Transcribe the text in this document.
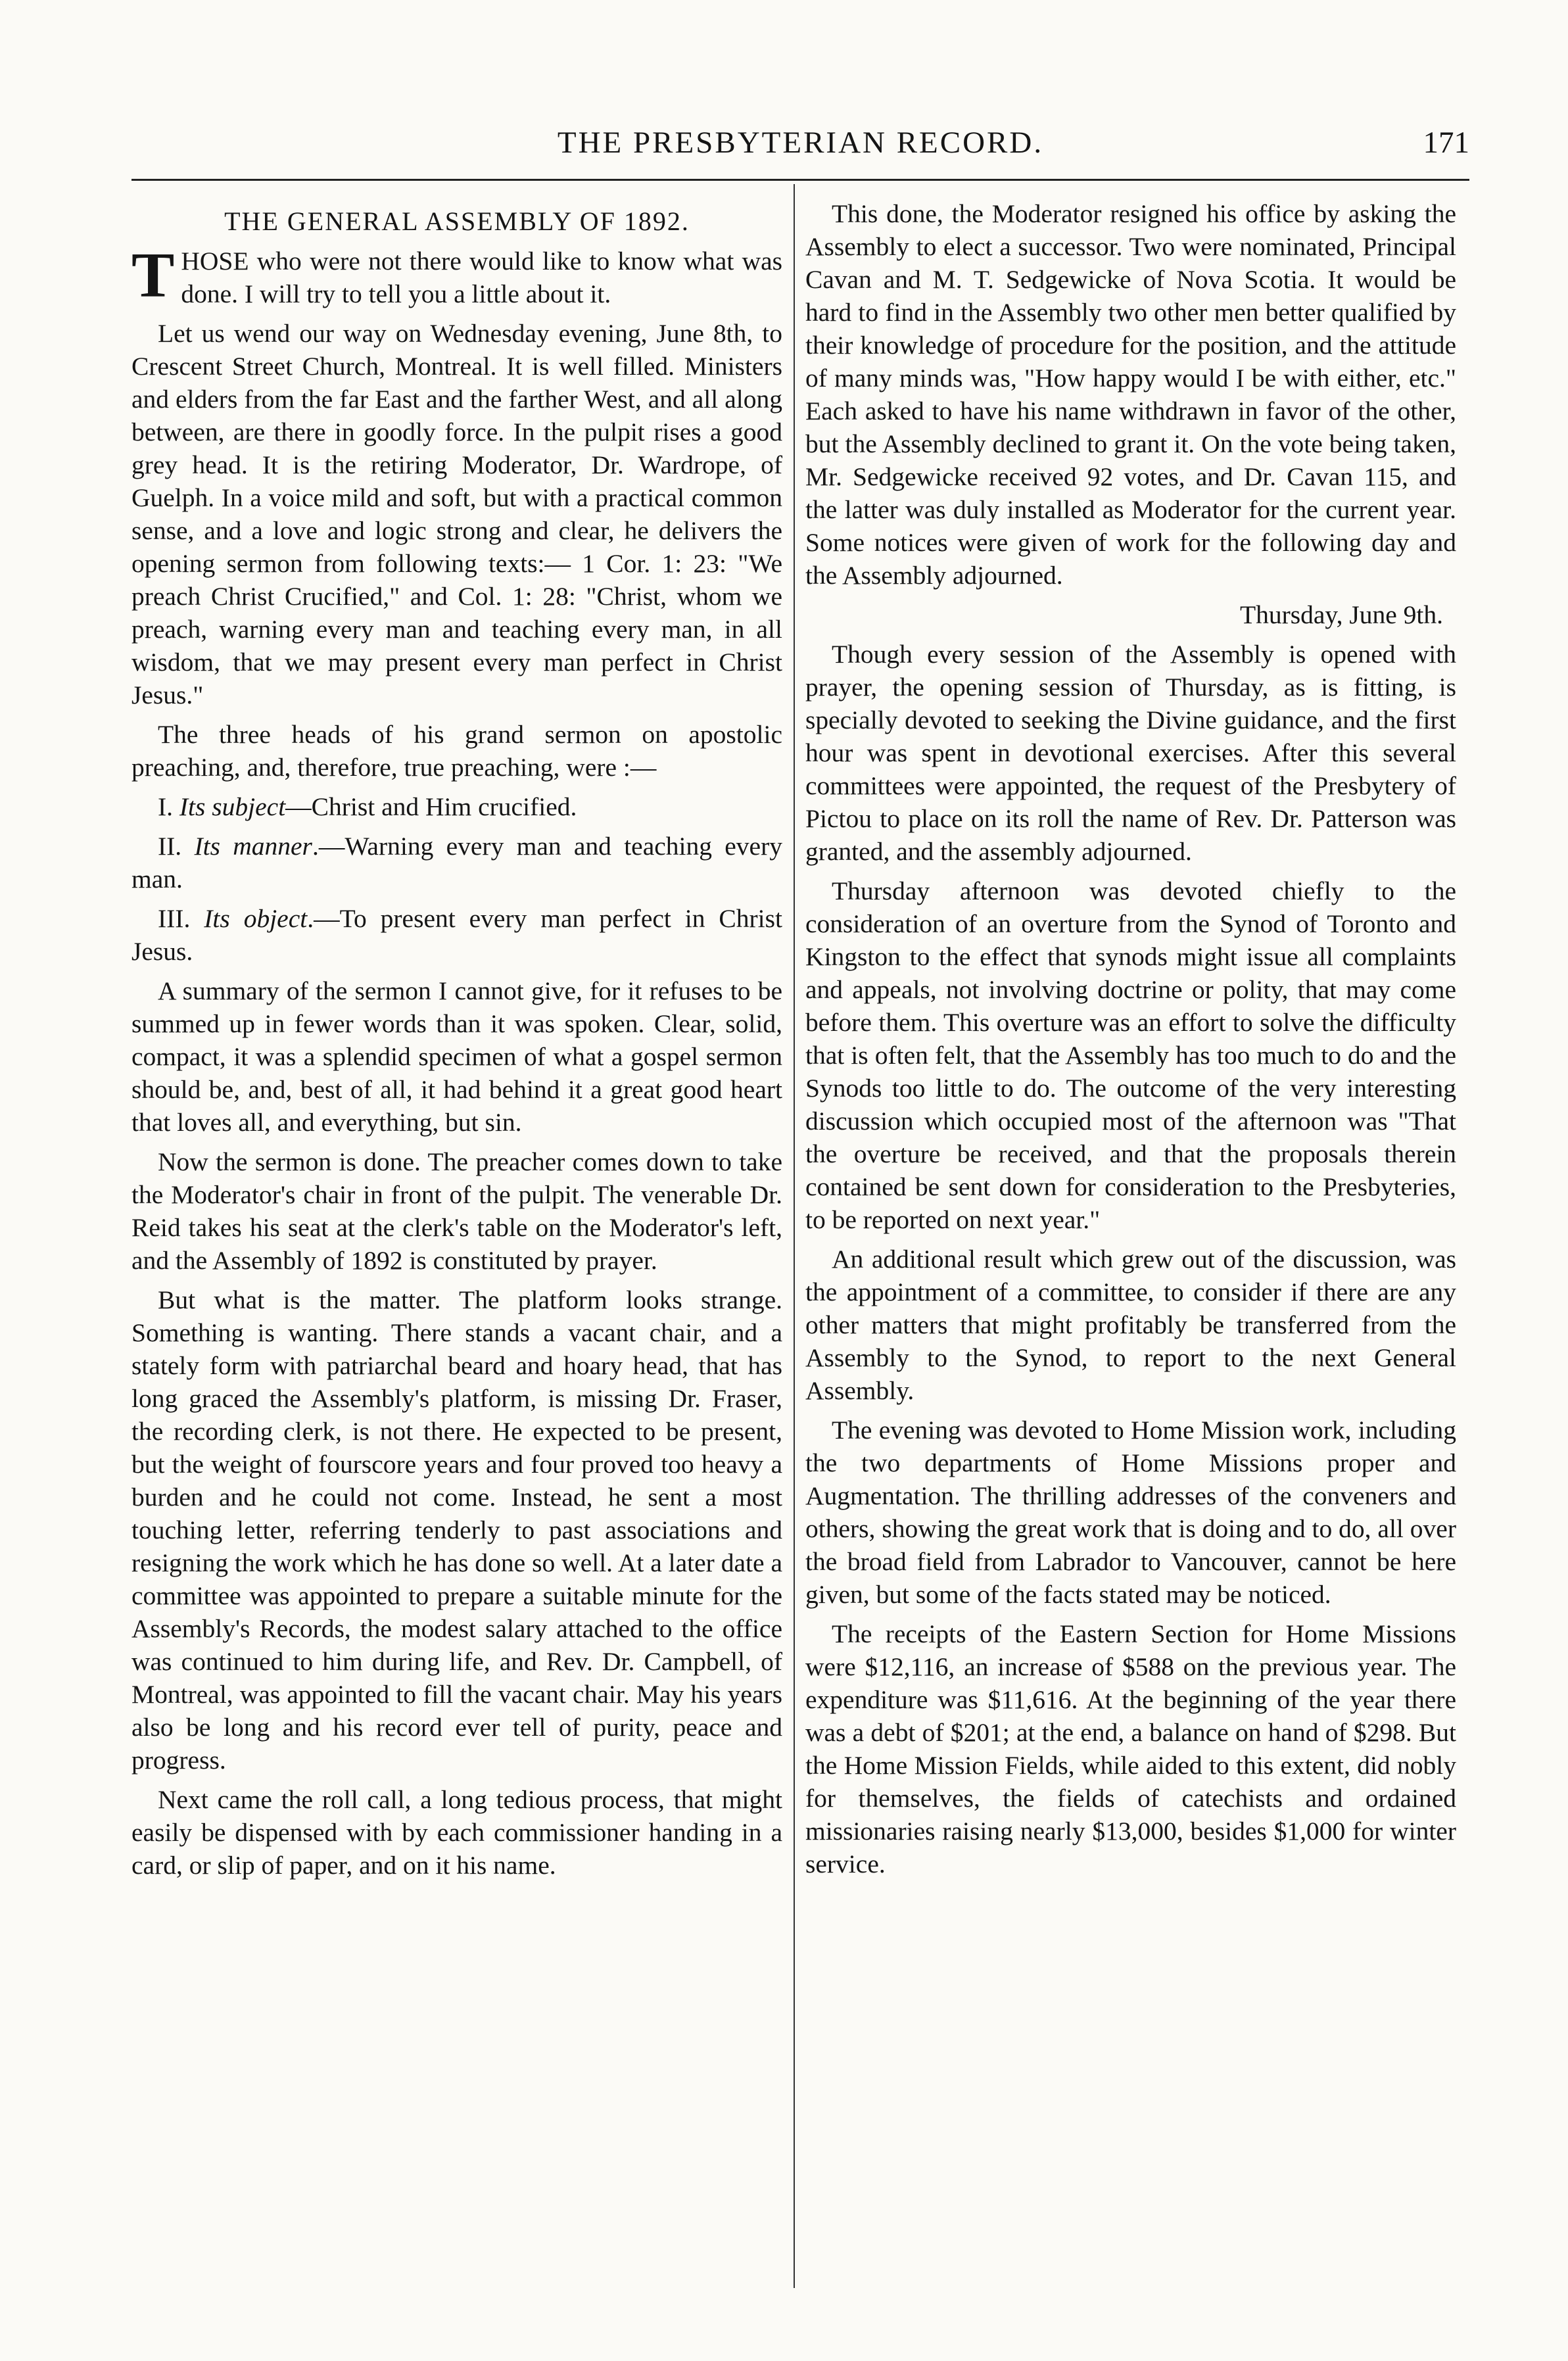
THE PRESBYTERIAN RECORD.	171
THE GENERAL ASSEMBLY OF 1892.

THOSE who were not there would like to know what was done. I will try to tell you a little about it.

Let us wend our way on Wednesday evening, June 8th, to Crescent Street Church, Montreal. It is well filled. Ministers and elders from the far East and the farther West, and all along between, are there in goodly force. In the pulpit rises a good grey head. It is the retiring Moderator, Dr. Wardrope, of Guelph. In a voice mild and soft, but with a practical common sense, and a love and logic strong and clear, he delivers the opening sermon from following texts:— 1 Cor. 1: 23: "We preach Christ Crucified," and Col. 1: 28: "Christ, whom we preach, warning every man and teaching every man, in all wisdom, that we may present every man perfect in Christ Jesus."

The three heads of his grand sermon on apostolic preaching, and, therefore, true preaching, were :—

I. Its subject—Christ and Him crucified.

II. Its manner.—Warning every man and teaching every man.

III. Its object.—To present every man perfect in Christ Jesus.

A summary of the sermon I cannot give, for it refuses to be summed up in fewer words than it was spoken. Clear, solid, compact, it was a splendid specimen of what a gospel sermon should be, and, best of all, it had behind it a great good heart that loves all, and everything, but sin.

Now the sermon is done. The preacher comes down to take the Moderator's chair in front of the pulpit. The venerable Dr. Reid takes his seat at the clerk's table on the Moderator's left, and the Assembly of 1892 is constituted by prayer.

But what is the matter. The platform looks strange. Something is wanting. There stands a vacant chair, and a stately form with patriarchal beard and hoary head, that has long graced the Assembly's platform, is missing Dr. Fraser, the recording clerk, is not there. He expected to be present, but the weight of fourscore years and four proved too heavy a burden and he could not come. Instead, he sent a most touching letter, referring tenderly to past associations and resigning the work which he has done so well. At a later date a committee was appointed to prepare a suitable minute for the Assembly's Records, the modest salary attached to the office was continued to him during life, and Rev. Dr. Campbell, of Montreal, was appointed to fill the vacant chair. May his years also be long and his record ever tell of purity, peace and progress.

Next came the roll call, a long tedious process, that might easily be dispensed with by each commissioner handing in a card, or slip of paper, and on it his name.

This done, the Moderator resigned his office by asking the Assembly to elect a successor. Two were nominated, Principal Cavan and M. T. Sedgewicke of Nova Scotia. It would be hard to find in the Assembly two other men better qualified by their knowledge of procedure for the position, and the attitude of many minds was, "How happy would I be with either, etc." Each asked to have his name withdrawn in favor of the other, but the Assembly declined to grant it. On the vote being taken, Mr. Sedgewicke received 92 votes, and Dr. Cavan 115, and the latter was duly installed as Moderator for the current year. Some notices were given of work for the following day and the Assembly adjourned.

Thursday, June 9th.

Though every session of the Assembly is opened with prayer, the opening session of Thursday, as is fitting, is specially devoted to seeking the Divine guidance, and the first hour was spent in devotional exercises. After this several committees were appointed, the request of the Presbytery of Pictou to place on its roll the name of Rev. Dr. Patterson was granted, and the assembly adjourned.

Thursday afternoon was devoted chiefly to the consideration of an overture from the Synod of Toronto and Kingston to the effect that synods might issue all complaints and appeals, not involving doctrine or polity, that may come before them. This overture was an effort to solve the difficulty that is often felt, that the Assembly has too much to do and the Synods too little to do. The outcome of the very interesting discussion which occupied most of the afternoon was "That the overture be received, and that the proposals therein contained be sent down for consideration to the Presbyteries, to be reported on next year."

An additional result which grew out of the discussion, was the appointment of a committee, to consider if there are any other matters that might profitably be transferred from the Assembly to the Synod, to report to the next General Assembly.

The evening was devoted to Home Mission work, including the two departments of Home Missions proper and Augmentation. The thrilling addresses of the conveners and others, showing the great work that is doing and to do, all over the broad field from Labrador to Vancouver, cannot be here given, but some of the facts stated may be noticed.

The receipts of the Eastern Section for Home Missions were $12,116, an increase of $588 on the previous year. The expenditure was $11,616. At the beginning of the year there was a debt of $201; at the end, a balance on hand of $298. But the Home Mission Fields, while aided to this extent, did nobly for themselves, the fields of catechists and ordained missionaries raising nearly $13,000, besides $1,000 for winter service.
